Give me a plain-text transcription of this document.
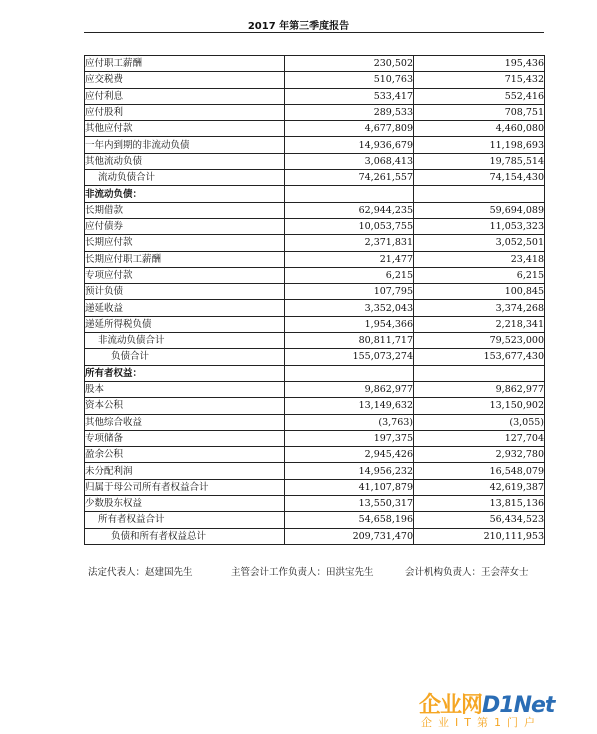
2017 年第三季度报告
应付职工薪酬	230,502	195,436
应交税费	510,763	715,432
应付利息	533,417	552,416
应付股利	289,533	708,751
其他应付款	4,677,809	4,460,080
一年内到期的非流动负债	14,936,679	11,198,693
其他流动负债	3,068,413	19,785,514
流动负债合计	74,261,557	74,154,430
非流动负债：		
长期借款	62,944,235	59,694,089
应付债券	10,053,755	11,053,323
长期应付款	2,371,831	3,052,501
长期应付职工薪酬	21,477	23,418
专项应付款	6,215	6,215
预计负债	107,795	100,845
递延收益	3,352,043	3,374,268
递延所得税负债	1,954,366	2,218,341
非流动负债合计	80,811,717	79,523,000
负债合计	155,073,274	153,677,430
所有者权益：		
股本	9,862,977	9,862,977
资本公积	13,149,632	13,150,902
其他综合收益	(3,763)	(3,055)
专项储备	197,375	127,704
盈余公积	2,945,426	2,932,780
未分配利润	14,956,232	16,548,079
归属于母公司所有者权益合计	41,107,879	42,619,387
少数股东权益	13,550,317	13,815,136
所有者权益合计	54,658,196	56,434,523
负债和所有者权益总计	209,731,470	210,111,953
法定代表人：赵建国先生	主管会计工作负责人：田洪宝先生	会计机构负责人：王会萍女士
企业网D1Net
企业IT第1门户
